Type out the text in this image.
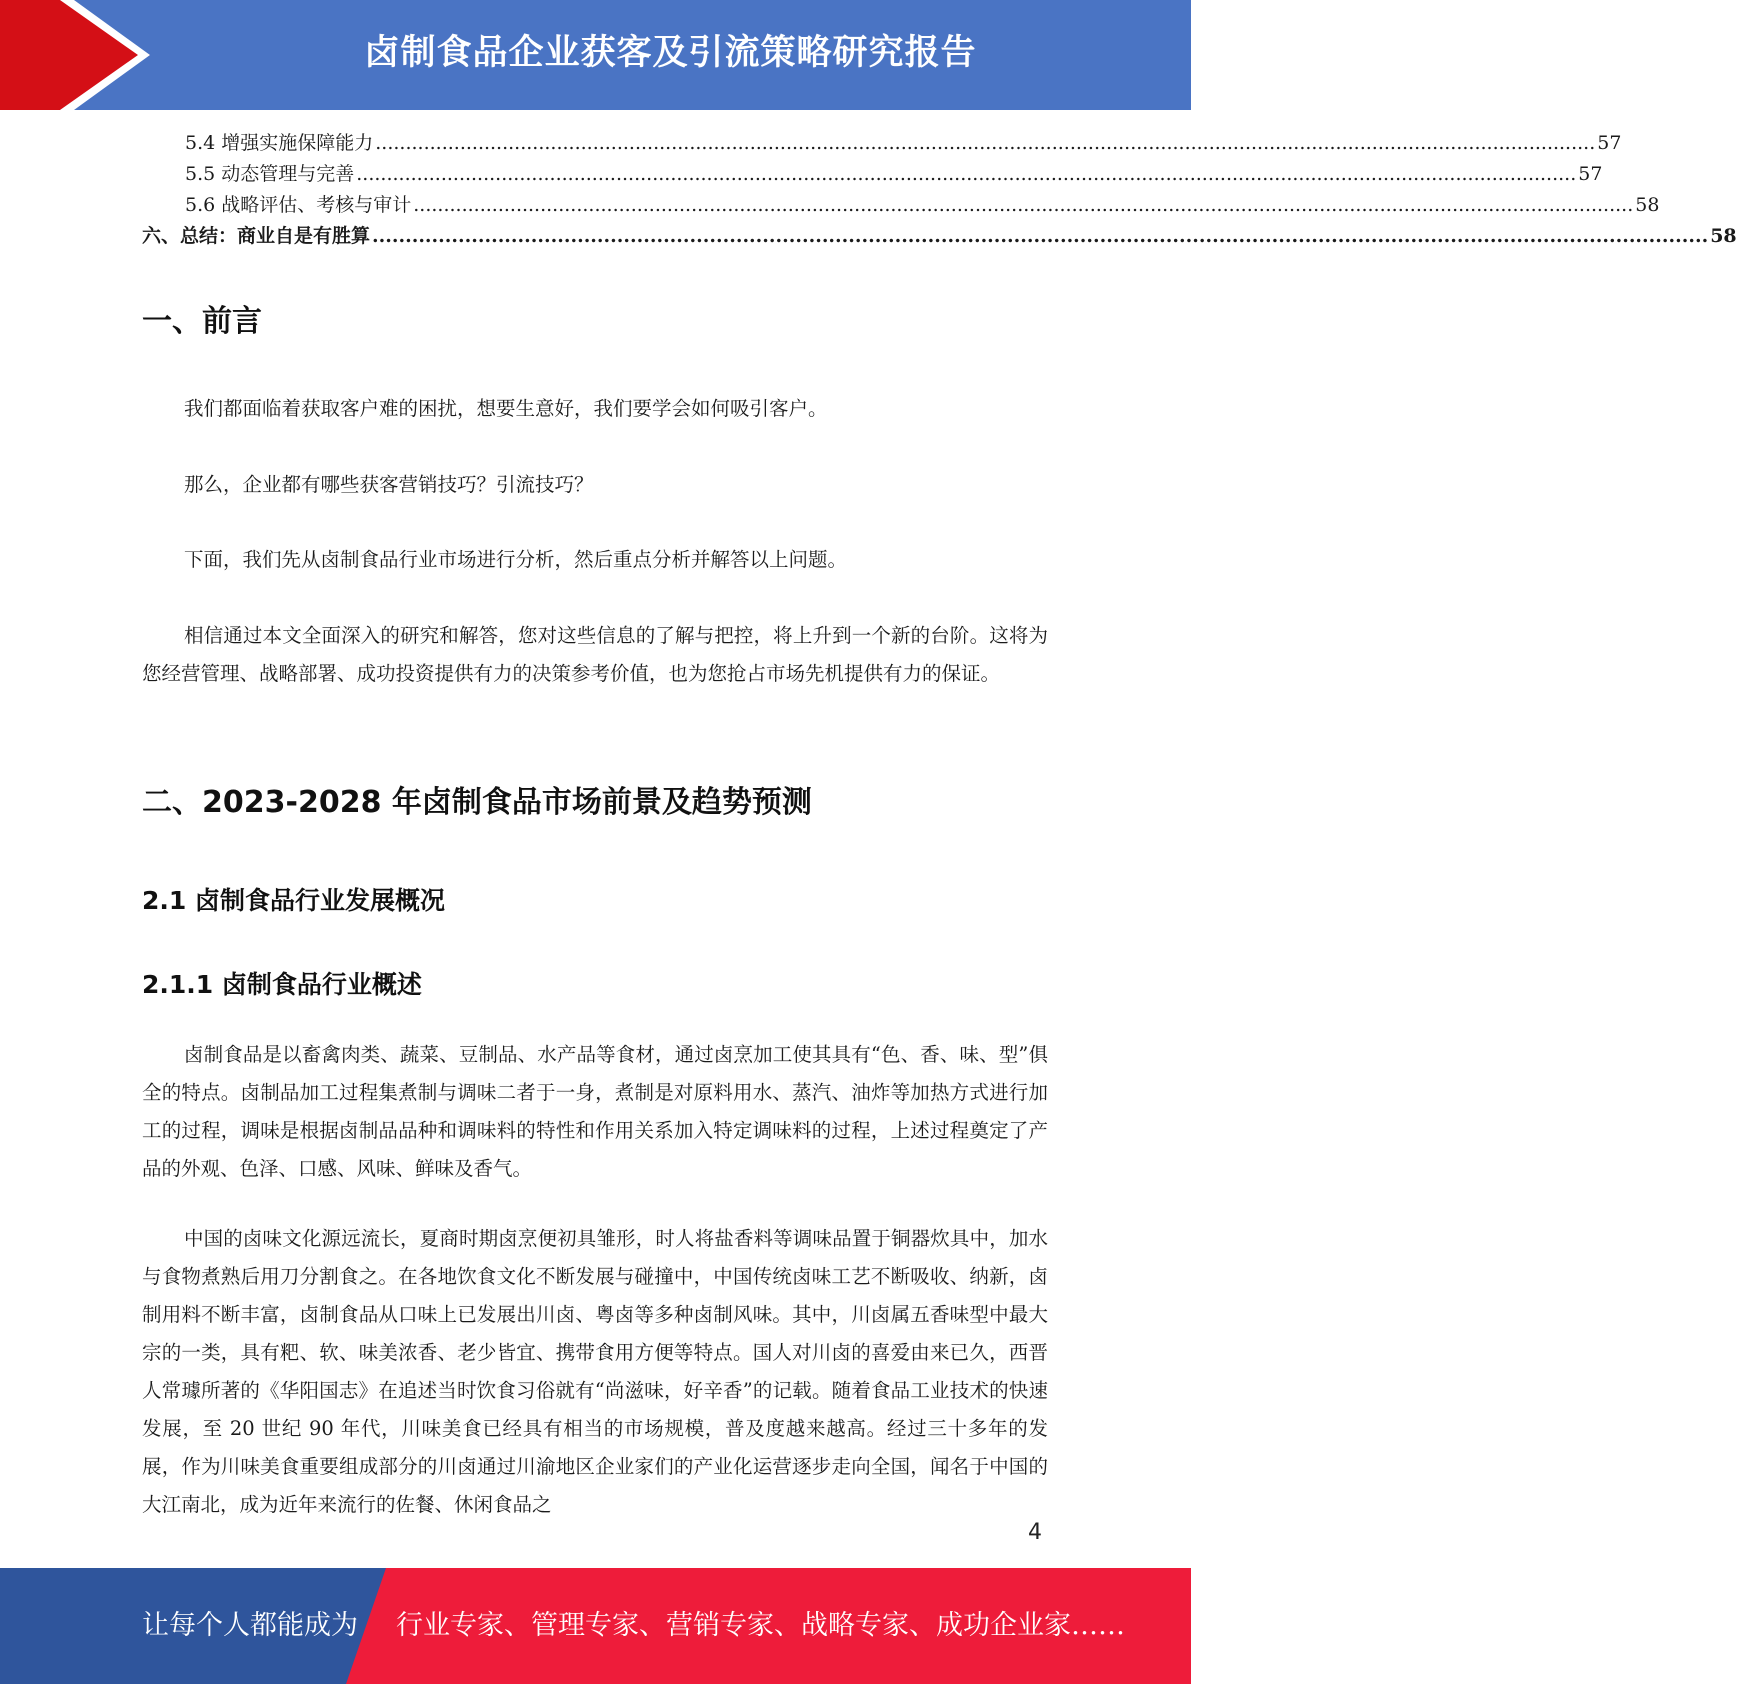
卤制食品企业获客及引流策略研究报告
5.4 增强实施保障能力 .......................................................................................................................................................................................................... 57
5.5 动态管理与完善 .......................................................................................................................................................................................................... 57
5.6 战略评估、考核与审计 .......................................................................................................................................................................................................... 58
六、总结：商业自是有胜算 .......................................................................................................................................................................................................... 58
一、前言
我们都面临着获取客户难的困扰，想要生意好，我们要学会如何吸引客户。
那么，企业都有哪些获客营销技巧？引流技巧？
下面，我们先从卤制食品行业市场进行分析，然后重点分析并解答以上问题。
相信通过本文全面深入的研究和解答，您对这些信息的了解与把控，将上升到一个新的台阶。这将为您经营管理、战略部署、成功投资提供有力的决策参考价值，也为您抢占市场先机提供有力的保证。
二、2023-2028 年卤制食品市场前景及趋势预测
2.1 卤制食品行业发展概况
2.1.1 卤制食品行业概述
卤制食品是以畜禽肉类、蔬菜、豆制品、水产品等食材，通过卤烹加工使其具有“色、香、味、型”俱全的特点。卤制品加工过程集煮制与调味二者于一身，煮制是对原料用水、蒸汽、油炸等加热方式进行加工的过程，调味是根据卤制品品种和调味料的特性和作用关系加入特定调味料的过程，上述过程奠定了产品的外观、色泽、口感、风味、鲜味及香气。
中国的卤味文化源远流长，夏商时期卤烹便初具雏形，时人将盐香料等调味品置于铜器炊具中，加水与食物煮熟后用刀分割食之。在各地饮食文化不断发展与碰撞中，中国传统卤味工艺不断吸收、纳新，卤制用料不断丰富，卤制食品从口味上已发展出川卤、粤卤等多种卤制风味。其中，川卤属五香味型中最大宗的一类，具有粑、软、味美浓香、老少皆宜、携带食用方便等特点。国人对川卤的喜爱由来已久，西晋人常璩所著的《华阳国志》在追述当时饮食习俗就有“尚滋味，好辛香”的记载。随着食品工业技术的快速发展，至 20 世纪 90 年代，川味美食已经具有相当的市场规模，普及度越来越高。经过三十多年的发展，作为川味美食重要组成部分的川卤通过川渝地区企业家们的产业化运营逐步走向全国，闻名于中国的大江南北，成为近年来流行的佐餐、休闲食品之
4
让每个人都能成为 行业专家、管理专家、营销专家、战略专家、成功企业家……
